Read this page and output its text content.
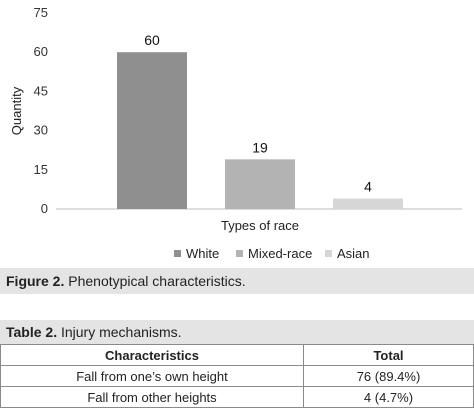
0
15
30
45
60
75
Quantity
60
19
4
Types of race
White Mixed-race Asian
Figure 2. Phenotypical characteristics.
Table 2. Injury mechanisms.
Characteristics	Total
Fall from one’s own height	76 (89.4%)
Fall from other heights	4 (4.7%)
